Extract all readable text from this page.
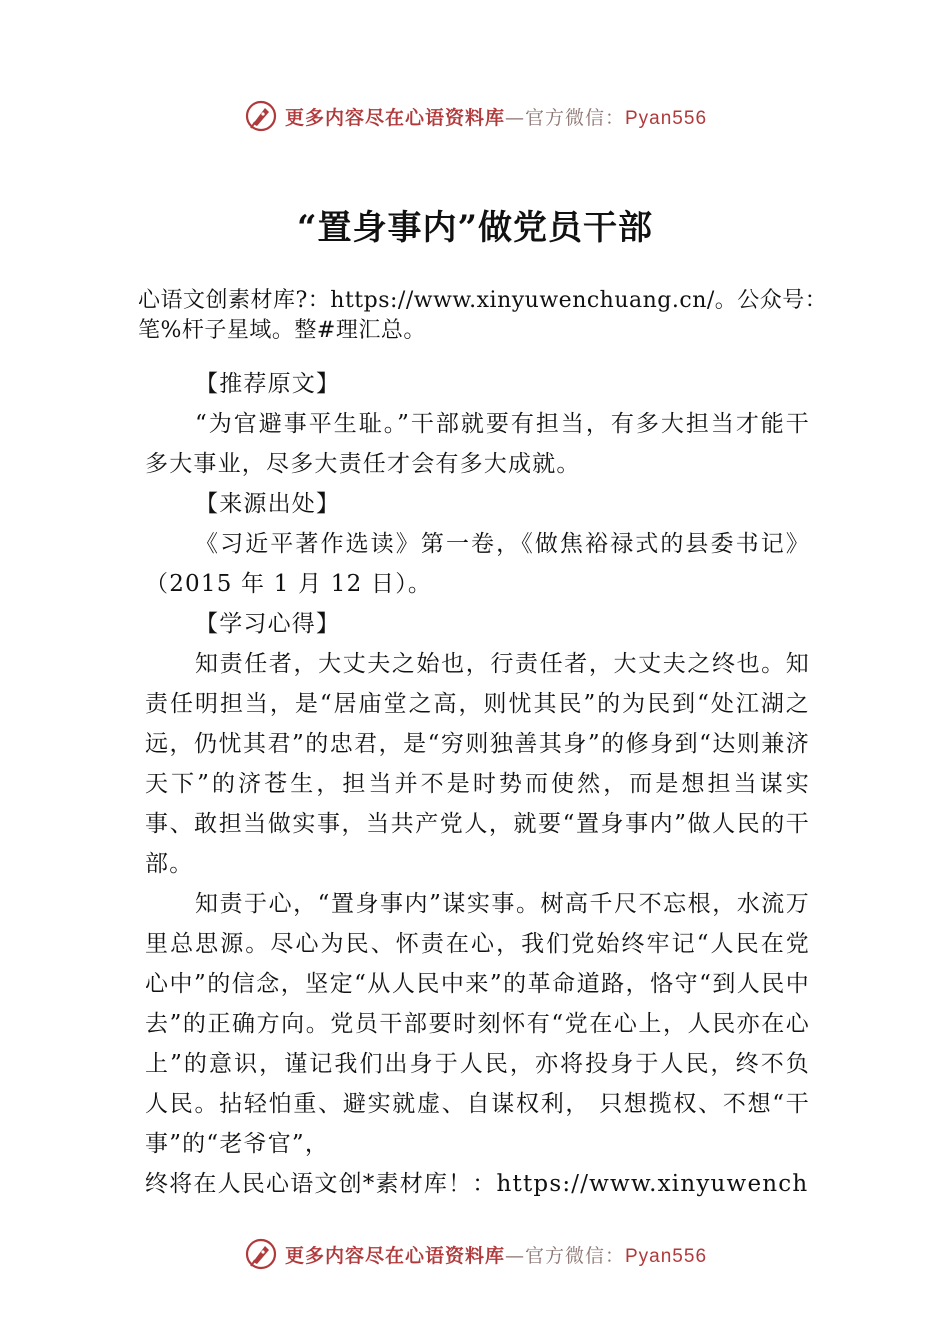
更多内容尽在心语资料库—官方微信：Pyan556
“置身事内”做党员干部
心语文创素材库?：https://www.xinyuwenchuang.cn/。公众号：笔%杆子星域。整#理汇总。

【推荐原文】

“为官避事平生耻。”干部就要有担当，有多大担当才能干多大事业，尽多大责任才会有多大成就。

【来源出处】

《习近平著作选读》第一卷，《做焦裕禄式的县委书记》（2015 年 1 月 12 日）。

【学习心得】

知责任者，大丈夫之始也，行责任者，大丈夫之终也。知责任明担当，是“居庙堂之高，则忧其民”的为民到“处江湖之远，仍忧其君”的忠君，是“穷则独善其身”的修身到“达则兼济天下”的济苍生，担当并不是时势而使然，而是想担当谋实事、敢担当做实事，当共产党人，就要“置身事内”做人民的干部。

知责于心，“置身事内”谋实事。树高千尺不忘根，水流万里总思源。尽心为民、怀责在心，我们党始终牢记“人民在党心中”的信念，坚定“从人民中来”的革命道路，恪守“到人民中去”的正确方向。党员干部要时刻怀有“党在心上，人民亦在心上”的意识，谨记我们出身于人民，亦将投身于人民，终不负人民。拈轻怕重、避实就虚、自谋权利， 只想揽权、不想“干事”的“老爷官”，

终将在人民心语文创*素材库！：https://www.xinyuwench

更多内容尽在心语资料库—官方微信：Pyan556
